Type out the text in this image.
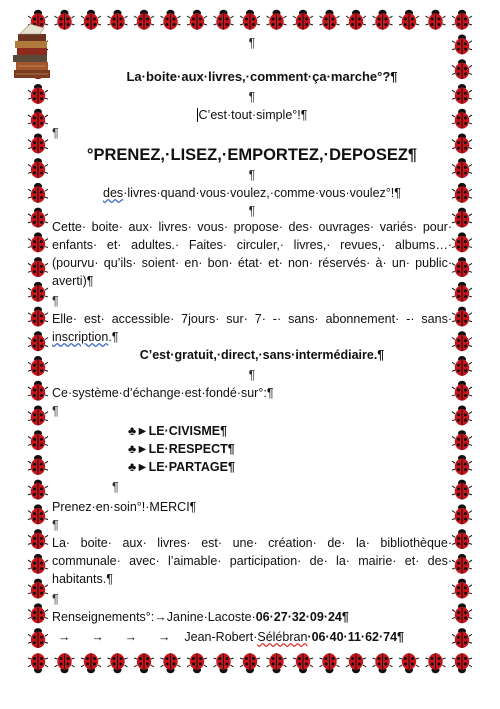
¶
La·boite·aux·livres,·comment·ça·marche°?¶
¶
C’est·tout·simple°!¶
¶
°PRENEZ,·LISEZ,·EMPORTEZ,·DEPOSEZ¶
¶
des·livres·quand·vous·voulez,·comme·vous·voulez°!¶
¶
Cette· boite· aux· livres· vous· propose· des· ouvrages· variés· pour· enfants· et· adultes.· Faites· circuler,· livres,· revues,· albums…· (pourvu· qu’ils· soient· en· bon· état· et· non· réservés· à· un· public· averti)¶
¶
Elle· est· accessible· 7jours· sur· 7· -· sans· abonnement· -· sans· inscription.¶
C’est·gratuit,·direct,·sans·intermédiaire.¶
¶
Ce·système·d’échange·est·fondé·sur°:¶
¶
♣►LE·CIVISME¶
♣►LE·RESPECT¶
♣►LE·PARTAGE¶
¶
Prenez·en·soin°!·MERCI¶
¶
La· boite· aux· livres· est· une· création· de· la· bibliothèque· communale· avec· l’aimable· participation· de· la· mairie· et· des· habitants.¶
¶
Renseignements°:→Janine·Lacoste·06·27·32·09·24¶
→      →      →      →    Jean-Robert·Sélébran·06·40·11·62·74¶
